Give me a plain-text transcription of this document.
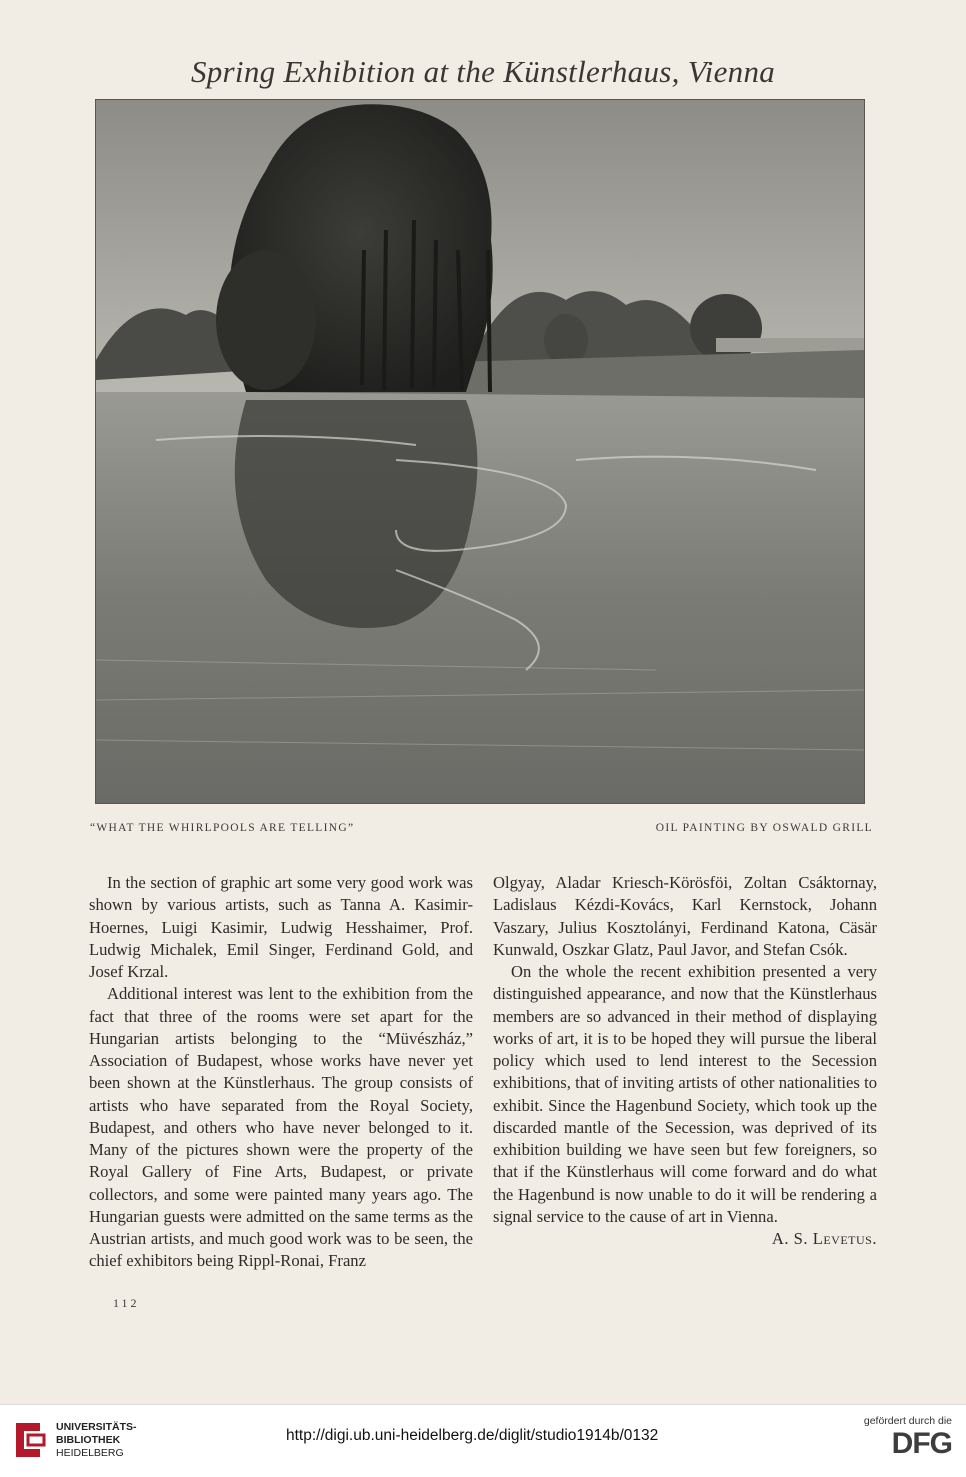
Spring Exhibition at the Künstlerhaus, Vienna
“WHAT THE WHIRLPOOLS ARE TELLING”	OIL PAINTING BY OSWALD GRILL

In the section of graphic art some very good work was shown by various artists, such as Tanna A. Kasimir-Hoernes, Luigi Kasimir, Ludwig Hesshaimer, Prof. Ludwig Michalek, Emil Singer, Ferdinand Gold, and Josef Krzal.

Additional interest was lent to the exhibition from the fact that three of the rooms were set apart for the Hungarian artists belonging to the “Müvészház,” Association of Budapest, whose works have never yet been shown at the Künstlerhaus. The group consists of artists who have separated from the Royal Society, Budapest, and others who have never belonged to it. Many of the pictures shown were the property of the Royal Gallery of Fine Arts, Budapest, or private collectors, and some were painted many years ago. The Hungarian guests were admitted on the same terms as the Austrian artists, and much good work was to be seen, the chief exhibitors being Rippl-Ronai, Franz

Olgyay, Aladar Kriesch-Körösföi, Zoltan Csáktornay, Ladislaus Kézdi-Kovács, Karl Kernstock, Johann Vaszary, Julius Kosztolányi, Ferdinand Katona, Cäsär Kunwald, Oszkar Glatz, Paul Javor, and Stefan Csók.

On the whole the recent exhibition presented a very distinguished appearance, and now that the Künstlerhaus members are so advanced in their method of displaying works of art, it is to be hoped they will pursue the liberal policy which used to lend interest to the Secession exhibitions, that of inviting artists of other nationalities to exhibit. Since the Hagenbund Society, which took up the discarded mantle of the Secession, was deprived of its exhibition building we have seen but few foreigners, so that if the Künstlerhaus will come forward and do what the Hagenbund is now unable to do it will be rendering a signal service to the cause of art in Vienna.
A. S. Levetus.

112
UNIVERSITÄTS-
BIBLIOTHEK
HEIDELBERG
http://digi.ub.uni-heidelberg.de/diglit/studio1914b/0132
gefördert durch die
DFG
